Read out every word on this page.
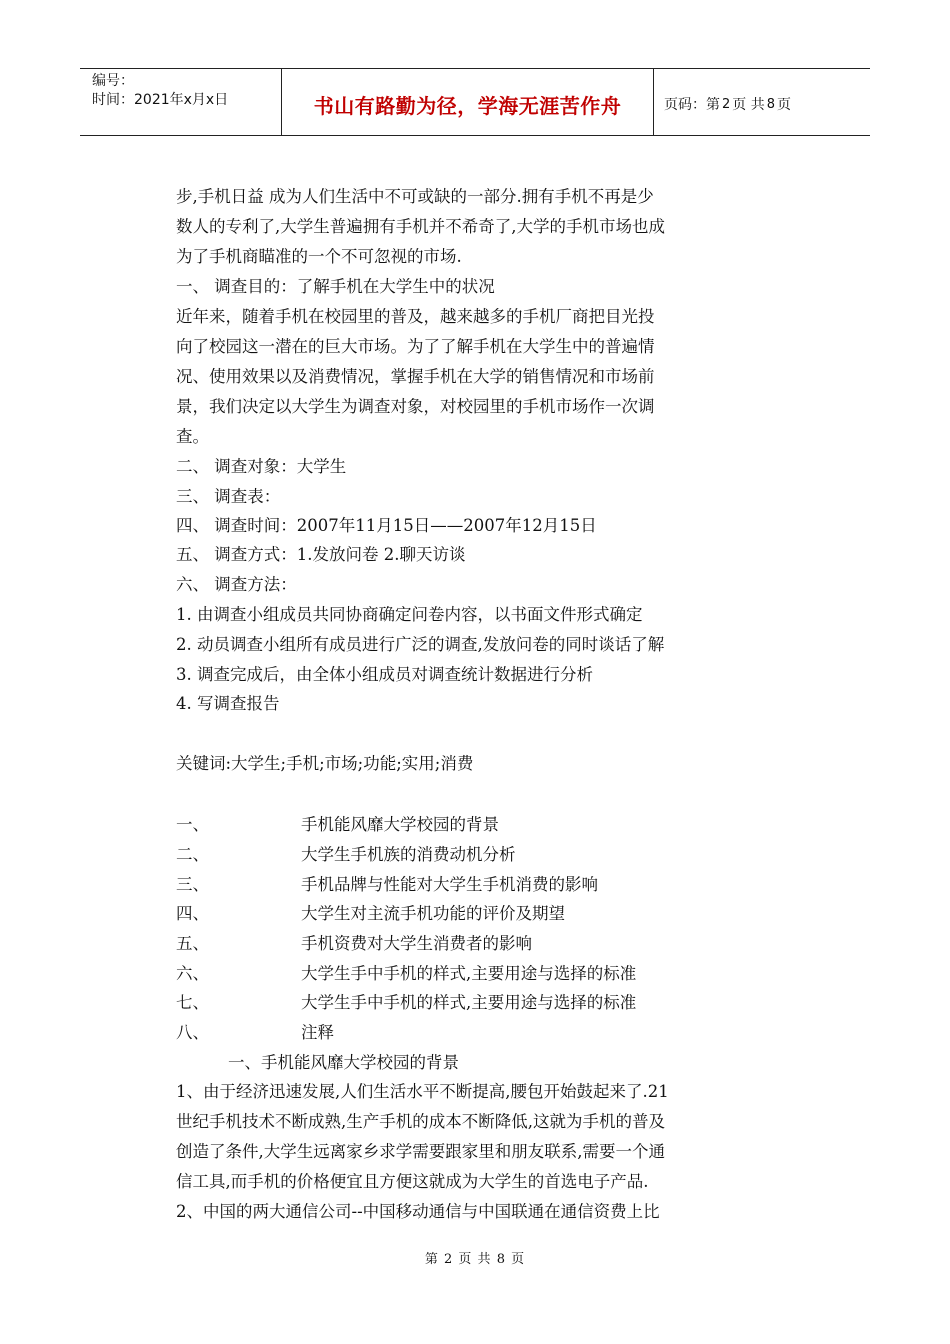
编号：
时间：2021年x月x日	书山有路勤为径，学海无涯苦作舟	页码：第 2 页 共 8 页
步,手机日益 成为人们生活中不可或缺的一部分.拥有手机不再是少
数人的专利了,大学生普遍拥有手机并不希奇了,大学的手机市场也成
为了手机商瞄准的一个不可忽视的市场.
一、 调查目的：了解手机在大学生中的状况
近年来，随着手机在校园里的普及，越来越多的手机厂商把目光投
向了校园这一潜在的巨大市场。为了了解手机在大学生中的普遍情
况、使用效果以及消费情况，掌握手机在大学的销售情况和市场前
景，我们决定以大学生为调查对象，对校园里的手机市场作一次调
查。
二、 调查对象：大学生
三、 调查表：
四、 调查时间：2007年11月15日——2007年12月15日
五、 调查方式：1.发放问卷 2.聊天访谈
六、 调查方法：
1. 由调查小组成员共同协商确定问卷内容，以书面文件形式确定
2. 动员调查小组所有成员进行广泛的调查,发放问卷的同时谈话了解
3. 调查完成后，由全体小组成员对调查统计数据进行分析
4. 写调查报告
关键词:大学生;手机;市场;功能;实用;消费
一、	手机能风靡大学校园的背景
二、	大学生手机族的消费动机分析
三、	手机品牌与性能对大学生手机消费的影响
四、	大学生对主流手机功能的评价及期望
五、	手机资费对大学生消费者的影响
六、	大学生手中手机的样式,主要用途与选择的标准
七、	大学生手中手机的样式,主要用途与选择的标准
八、	注释
一、手机能风靡大学校园的背景
1、由于经济迅速发展,人们生活水平不断提高,腰包开始鼓起来了.21
世纪手机技术不断成熟,生产手机的成本不断降低,这就为手机的普及
创造了条件,大学生远离家乡求学需要跟家里和朋友联系,需要一个通
信工具,而手机的价格便宜且方便这就成为大学生的首选电子产品.
2、中国的两大通信公司--中国移动通信与中国联通在通信资费上比
第 2 页 共 8 页
